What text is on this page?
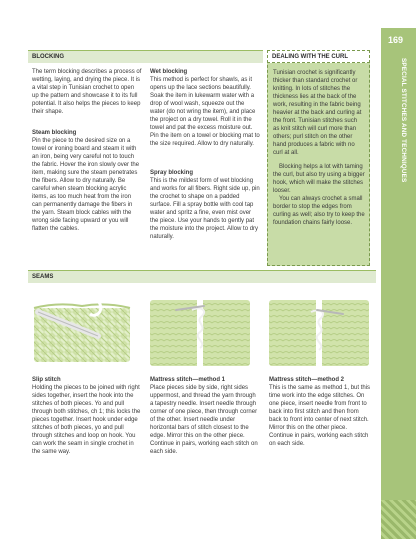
169
SPECIAL STITCHES AND TECHNIQUES
BLOCKING
The term blocking describes a process of wetting, laying, and drying the piece. It is a vital step in Tunisian crochet to open up the pattern and showcase it to its full potential. It also helps the pieces to keep their shape.
Steam blocking
Pin the piece to the desired size on a towel or ironing board and steam it with an iron, being very careful not to touch the fabric. Hover the iron slowly over the item, making sure the steam penetrates the fibers. Allow to dry naturally. Be careful when steam blocking acrylic items, as too much heat from the iron can permanently damage the fibers in the yarn. Steam block cables with the wrong side facing upward or you will flatten the cables.
Wet blocking
This method is perfect for shawls, as it opens up the lace sections beautifully. Soak the item in lukewarm water with a drop of wool wash, squeeze out the water (do not wring the item), and place the project on a dry towel. Roll it in the towel and pat the excess moisture out. Pin the item on a towel or blocking mat to the size required. Allow to dry naturally.
Spray blocking
This is the mildest form of wet blocking and works for all fibers. Right side up, pin the crochet to shape on a padded surface. Fill a spray bottle with cool tap water and spritz a fine, even mist over the piece. Use your hands to gently pat the moisture into the project. Allow to dry naturally.
DEALING WITH THE CURL
Tunisian crochet is significantly thicker than standard crochet or knitting. In lots of stitches the thickness lies at the back of the work, resulting in the fabric being heavier at the back and curling at the front. Tunisian stitches such as knit stitch will curl more than others; purl stitch on the other hand produces a fabric with no curl at all.
Blocking helps a lot with taming the curl, but also try using a bigger hook, which will make the stitches looser.
You can always crochet a small border to stop the edges from curling as well; also try to keep the foundation chains fairly loose.
SEAMS
Slip stitch
Holding the pieces to be joined with right sides together, insert the hook into the stitches of both pieces. Yo and pull through both stitches, ch 1; this locks the pieces together. Insert hook under edge stitches of both pieces, yo and pull through stitches and loop on hook. You can work the seam in single crochet in the same way.
Mattress stitch—method 1
Place pieces side by side, right sides uppermost, and thread the yarn through a tapestry needle. Insert needle through corner of one piece, then through corner of the other. Insert needle under horizontal bars of stitch closest to the edge. Mirror this on the other piece. Continue in pairs, working each stitch on each side.
Mattress stitch—method 2
This is the same as method 1, but this time work into the edge stitches. On one piece, insert needle from front to back into first stitch and then from back to front into center of next stitch. Mirror this on the other piece. Continue in pairs, working each stitch on each side.
